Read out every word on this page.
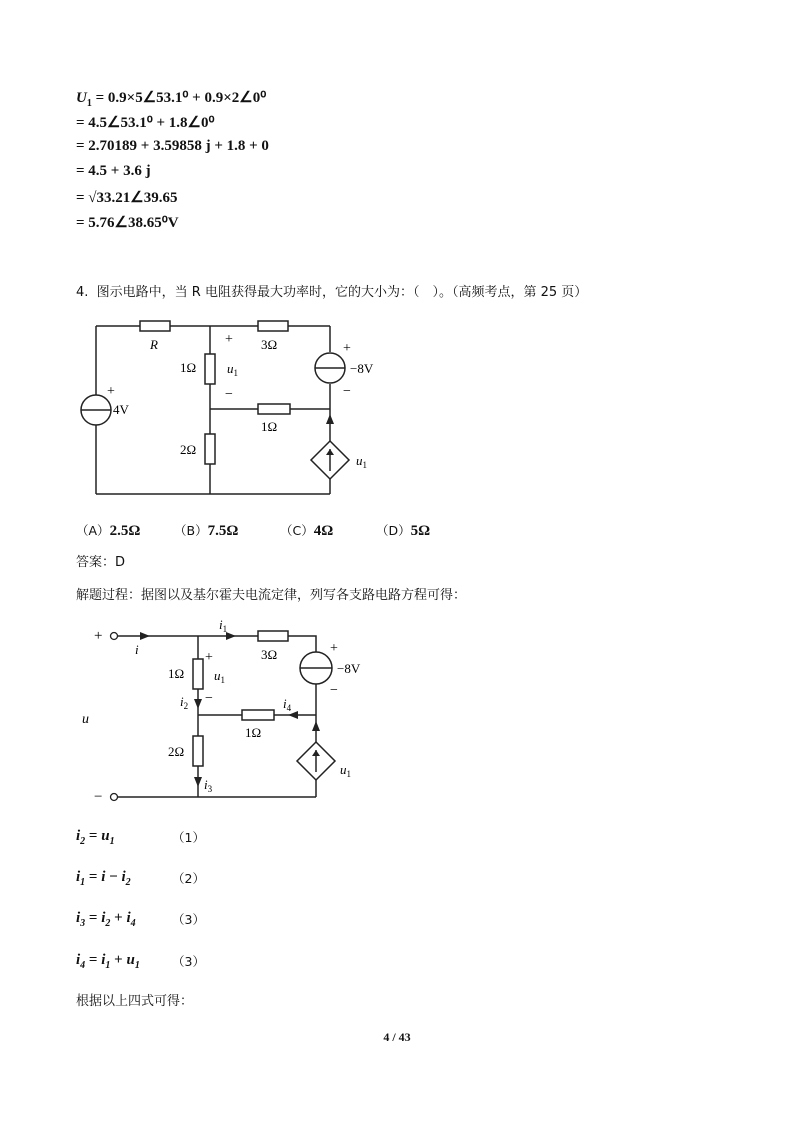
$U_1$ = 0.9×5∠53.1⁰ + 0.9×2∠0⁰
= 4.5∠53.1⁰ + 1.8∠0⁰
= 2.70189 + 3.59858 j + 1.8 + 0
= 4.5 + 3.6 j
= √33.21∠39.65
= 5.76∠38.65⁰V
4. 图示电路中，当 R 电阻获得最大功率时，它的大小为：（　）。（高频考点，第 25 页）
R	3Ω
1Ω
1Ω
2Ω
$u_1$
+
−
4V
+
−8V
+
−
$u_1$
（A）2.5Ω	（B）7.5Ω	（C）4Ω	（D）5Ω
答案：D
解题过程：据图以及基尔霍夫电流定律，列写各支路电路方程可得：
+
−
i
$i_1$
$i_2$
$i_3$
$i_4$
u
3Ω
1Ω
1Ω
2Ω
$u_1$
+
−
−8V
+
−
$u_1$
$i_2 = u_1$	（1）
$i_1 = i - i_2$	（2）
$i_3 = i_2 + i_4$	（3）
$i_4 = i_1 + u_1$	（3）
根据以上四式可得：
4 / 43
